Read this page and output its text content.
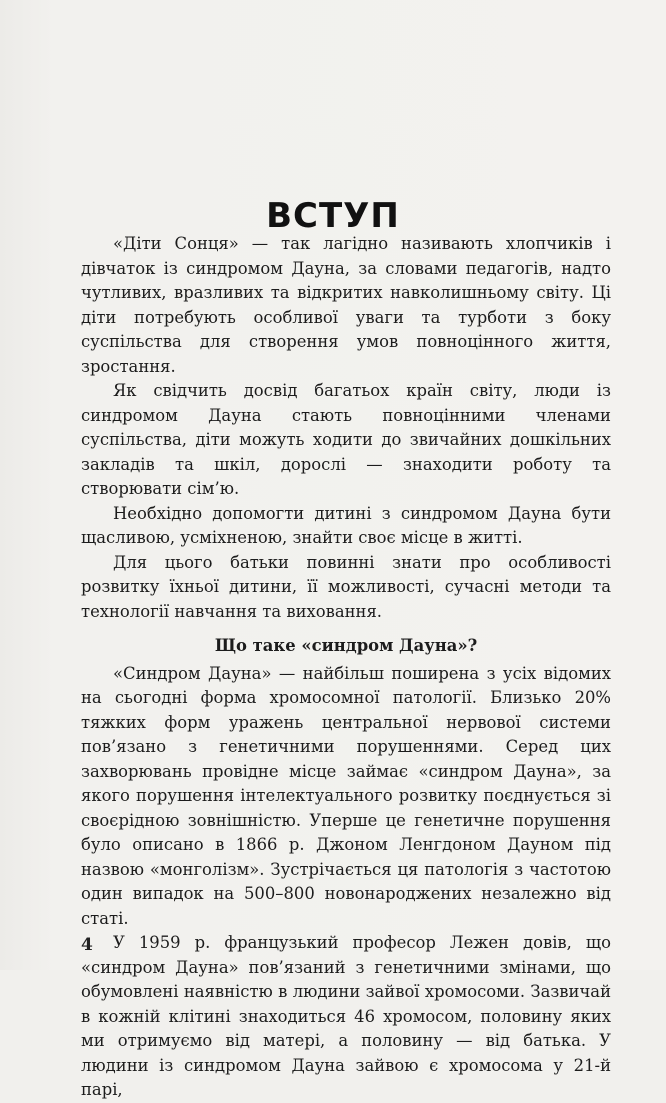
ВСТУП

«Діти Сонця» — так лагідно називають хлопчиків і дівчаток із синдромом Дауна, за словами педагогів, надто чутливих, вразливих та відкритих навколишньому світу. Ці діти потребують особливої уваги та турботи з боку суспільства для створення умов повноцінного життя, зростання.

Як свідчить досвід багатьох країн світу, люди із синдромом Дауна стають повноцінними членами суспільства, діти можуть ходити до звичайних дошкільних закладів та шкіл, дорослі — знаходити роботу та створювати сім’ю.

Необхідно допомогти дитині з синдромом Дауна бути щасливою, усміхненою, знайти своє місце в житті.

Для цього батьки повинні знати про особливості розвитку їхньої дитини, її можливості, сучасні методи та технології навчання та виховання.

Що таке «синдром Дауна»?

«Синдром Дауна» — найбільш поширена з усіх відомих на сьогодні форма хромосомної патології. Близько 20% тяжких форм уражень центральної нервової системи пов’язано з генетичними порушеннями. Серед цих захворювань провідне місце займає «синдром Дауна», за якого порушення інтелектуального розвитку поєднується зі своєрідною зовнішністю. Уперше це генетичне порушення було описано в 1866 р. Джоном Ленгдоном Дауном під назвою «монголізм». Зустрічається ця патологія з частотою один випадок на 500–800 новонароджених незалежно від статі.

У 1959 р. французький професор Лежен довів, що «синдром Дауна» пов’язаний з генетичними змінами, що обумовлені наявністю в людини зайвої хромосоми. Зазвичай в кожній клітині знаходиться 46 хромосом, половину яких ми отримуємо від матері, а половину — від батька. У людини із синдромом Дауна зайвою є хромосома у 21-й парі,

4
